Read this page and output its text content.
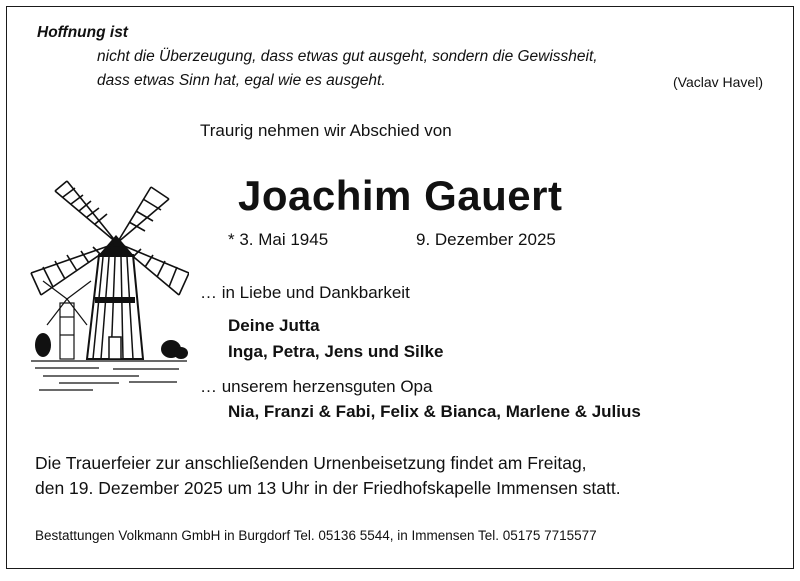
Hoffnung ist
nicht die Überzeugung, dass etwas gut ausgeht, sondern die Gewissheit,
dass etwas Sinn hat, egal wie es ausgeht.	(Vaclav Havel)
Traurig nehmen wir Abschied von
Joachim Gauert
* 3. Mai 1945	9. Dezember 2025
… in Liebe und Dankbarkeit
Deine Jutta
Inga, Petra, Jens und Silke
… unserem herzensguten Opa
Nia, Franzi & Fabi, Felix & Bianca, Marlene & Julius
Die Trauerfeier zur anschließenden Urnenbeisetzung findet am Freitag,
den 19. Dezember 2025 um 13 Uhr in der Friedhofskapelle Immensen statt.
Bestattungen Volkmann GmbH in Burgdorf Tel. 05136 5544, in Immensen Tel. 05175 7715577
